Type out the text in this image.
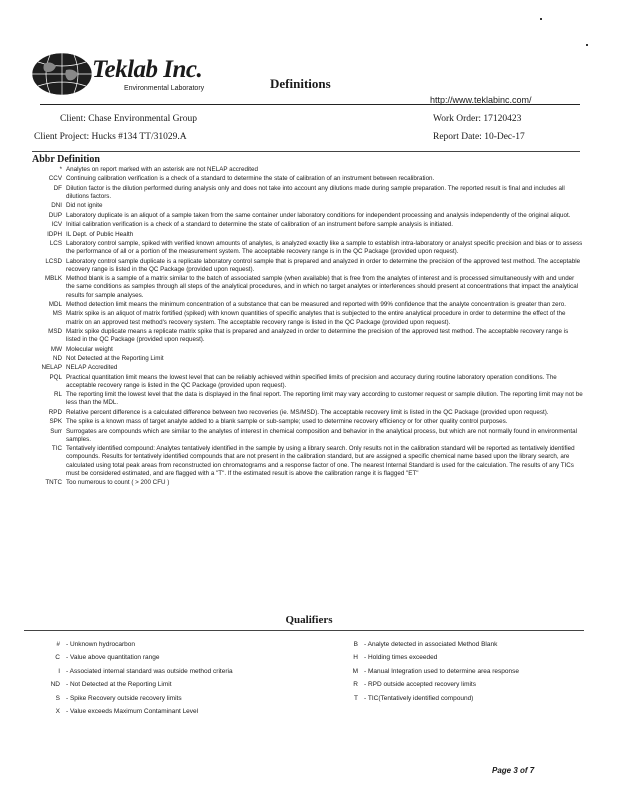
Teklab Inc.
Environmental Laboratory	Definitions
http://www.teklabinc.com/
Client: Chase Environmental Group
Client Project: Hucks #134 TT/31029.A
Work Order: 17120423
Report Date: 10-Dec-17
Abbr Definition
* Analytes on report marked with an asterisk are not NELAP accredited
CCV Continuing calibration verification is a check of a standard to determine the state of calibration of an instrument between recalibration.
DF Dilution factor is the dilution performed during analysis only and does not take into account any dilutions made during sample preparation. The reported result is final and includes all dilutions factors.
DNI Did not ignite
DUP Laboratory duplicate is an aliquot of a sample taken from the same container under laboratory conditions for independent processing and analysis independently of the original aliquot.
ICV Initial calibration verification is a check of a standard to determine the state of calibration of an instrument before sample analysis is initiated.
IDPH IL Dept. of Public Health
LCS Laboratory control sample, spiked with verified known amounts of analytes, is analyzed exactly like a sample to establish intra-laboratory or analyst specific precision and bias or to assess the performance of all or a portion of the measurement system. The acceptable recovery range is in the QC Package (provided upon request).
LCSD Laboratory control sample duplicate is a replicate laboratory control sample that is prepared and analyzed in order to determine the precision of the approved test method. The acceptable recovery range is listed in the QC Package (provided upon request).
MBLK Method blank is a sample of a matrix similar to the batch of associated sample (when available) that is free from the analytes of interest and is processed simultaneously with and under the same conditions as samples through all steps of the analytical procedures, and in which no target analytes or interferences should present at concentrations that impact the analytical results for sample analyses.
MDL Method detection limit means the minimum concentration of a substance that can be measured and reported with 99% confidence that the analyte concentration is greater than zero.
MS Matrix spike is an aliquot of matrix fortified (spiked) with known quantities of specific analytes that is subjected to the entire analytical procedure in order to determine the effect of the matrix on an approved test method's recovery system. The acceptable recovery range is listed in the QC Package (provided upon request).
MSD Matrix spike duplicate means a replicate matrix spike that is prepared and analyzed in order to determine the precision of the approved test method. The acceptable recovery range is listed in the QC Package (provided upon request).
MW Molecular weight
ND Not Detected at the Reporting Limit
NELAP NELAP Accredited
PQL Practical quantitation limit means the lowest level that can be reliably achieved within specified limits of precision and accuracy during routine laboratory operation conditions. The acceptable recovery range is listed in the QC Package (provided upon request).
RL The reporting limit the lowest level that the data is displayed in the final report. The reporting limit may vary according to customer request or sample dilution. The reporting limit may not be less than the MDL.
RPD Relative percent difference is a calculated difference between two recoveries (ie. MS/MSD). The acceptable recovery limit is listed in the QC Package (provided upon request).
SPK The spike is a known mass of target analyte added to a blank sample or sub-sample; used to determine recovery efficiency or for other quality control purposes.
Surr Surrogates are compounds which are similar to the analytes of interest in chemical composition and behavior in the analytical process, but which are not normally found in environmental samples.
TIC Tentatively identified compound: Analytes tentatively identified in the sample by using a library search. Only results not in the calibration standard will be reported as tentatively identified compounds. Results for tentatively identified compounds that are not present in the calibration standard, but are assigned a specific chemical name based upon the library search, are calculated using total peak areas from reconstructed ion chromatograms and a response factor of one. The nearest Internal Standard is used for the calculation. The results of any TICs must be considered estimated, and are flagged with a "T". If the estimated result is above the calibration range it is flagged "ET"
TNTC Too numerous to count ( > 200 CFU )
Qualifiers
# - Unknown hydrocarbon
C - Value above quantitation range
I - Associated internal standard was outside method criteria
ND - Not Detected at the Reporting Limit
S - Spike Recovery outside recovery limits
X - Value exceeds Maximum Contaminant Level
B - Analyte detected in associated Method Blank
H - Holding times exceeded
M - Manual Integration used to determine area response
R - RPD outside accepted recovery limits
T - TIC(Tentatively identified compound)
Page 3 of 7
